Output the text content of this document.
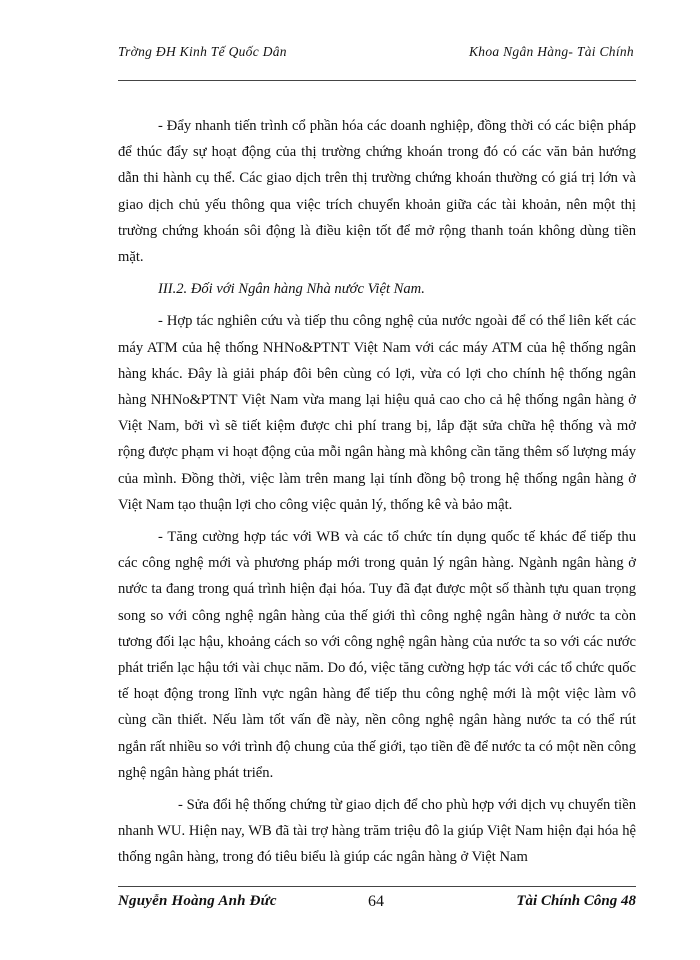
Trờng ĐH Kinh Tế Quốc Dân	Khoa Ngân Hàng- Tài Chính

- Đẩy nhanh tiến trình cổ phần hóa các doanh nghiệp, đồng thời có các biện pháp để thúc đẩy sự hoạt động của thị trường chứng khoán trong đó có các văn bản hướng dẫn thi hành cụ thể. Các giao dịch trên thị trường chứng khoán thường có giá trị lớn và giao dịch chủ yếu thông qua việc trích chuyển khoản giữa các tài khoản, nên một thị trường chứng khoán sôi động là điều kiện tốt để mở rộng thanh toán không dùng tiền mặt.

III.2. Đối với Ngân hàng Nhà nước Việt Nam.

- Hợp tác nghiên cứu và tiếp thu công nghệ của nước ngoài để có thể liên kết các máy ATM của hệ thống NHNo&PTNT Việt Nam với các máy ATM của hệ thống ngân hàng khác. Đây là giải pháp đôi bên cùng có lợi, vừa có lợi cho chính hệ thống ngân hàng NHNo&PTNT Việt Nam vừa mang lại hiệu quả cao cho cả hệ thống ngân hàng ở Việt Nam, bởi vì sẽ tiết kiệm được chi phí trang bị, lắp đặt sửa chữa hệ thống và mở rộng được phạm vi hoạt động của mỗi ngân hàng mà không cần tăng thêm số lượng máy của mình. Đồng thời, việc làm trên mang lại tính đồng bộ trong hệ thống ngân hàng ở Việt Nam tạo thuận lợi cho công việc quản lý, thống kê và bảo mật.

- Tăng cường hợp tác với WB và các tổ chức tín dụng quốc tế khác để tiếp thu các công nghệ mới và phương pháp mới trong quản lý ngân hàng. Ngành ngân hàng ở nước ta đang trong quá trình hiện đại hóa. Tuy đã đạt được một số thành tựu quan trọng song so với công nghệ ngân hàng của thế giới thì công nghệ ngân hàng ở nước ta còn tương đối lạc hậu, khoảng cách so với công nghệ ngân hàng của nước ta so với các nước phát triển lạc hậu tới vài chục năm. Do đó, việc tăng cường hợp tác với các tổ chức quốc tế hoạt động trong lĩnh vực ngân hàng để tiếp thu công nghệ mới là một việc làm vô cùng cần thiết. Nếu làm tốt vấn đề này, nền công nghệ ngân hàng nước ta có thể rút ngắn rất nhiều so với trình độ chung của thế giới, tạo tiền đề để nước ta có một nền công nghệ ngân hàng phát triển.

- Sửa đổi hệ thống chứng từ giao dịch để cho phù hợp với dịch vụ chuyển tiền nhanh WU. Hiện nay, WB đã tài trợ hàng trăm triệu đô la giúp Việt Nam hiện đại hóa hệ thống ngân hàng, trong đó tiêu biểu là giúp các ngân hàng ở Việt Nam

Nguyễn Hoàng Anh Đức	64	Tài Chính Công 48
